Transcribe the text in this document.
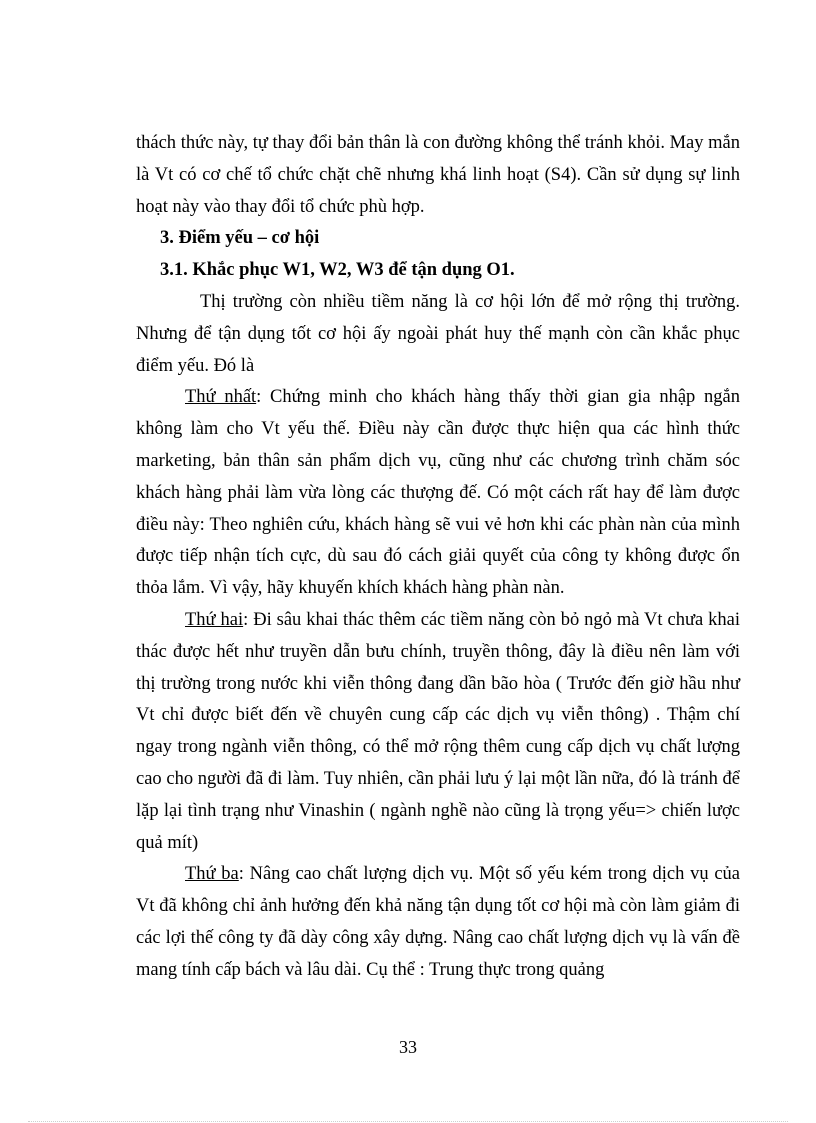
thách thức này, tự thay đổi bản thân là con đường không thể tránh khỏi. May mắn là Vt có cơ chế tổ chức chặt chẽ nhưng khá linh hoạt (S4). Cần sử dụng sự linh hoạt này vào thay đổi tổ chức phù hợp.

3. Điểm yếu – cơ hội

3.1. Khắc phục W1, W2, W3 để tận dụng O1.

Thị trường còn nhiều tiềm năng là cơ hội lớn để mở rộng thị trường. Nhưng để tận dụng tốt cơ hội ấy ngoài phát huy thế mạnh còn cần khắc phục điểm yếu. Đó là

Thứ nhất: Chứng minh cho khách hàng thấy thời gian gia nhập ngắn không làm cho Vt yếu thế. Điều này cần được thực hiện qua các hình thức marketing, bản thân sản phẩm dịch vụ, cũng như các chương trình chăm sóc khách hàng phải làm vừa lòng các thượng đế. Có một cách rất hay để làm được điều này: Theo nghiên cứu, khách hàng sẽ vui vẻ hơn khi các phàn nàn của mình được tiếp nhận tích cực, dù sau đó cách giải quyết của công ty không được ổn thỏa lắm. Vì vậy, hãy khuyến khích khách hàng phàn nàn.

Thứ hai: Đi sâu khai thác thêm các tiềm năng còn bỏ ngỏ mà Vt chưa khai thác được hết như truyền dẫn bưu chính, truyền thông, đây là điều nên làm với thị trường trong nước khi viễn thông đang dần bão hòa ( Trước đến giờ hầu như Vt chỉ được biết đến về chuyên cung cấp các dịch vụ viễn thông) . Thậm chí ngay trong ngành viễn thông, có thể mở rộng thêm cung cấp dịch vụ chất lượng cao cho người đã đi làm. Tuy nhiên, cần phải lưu ý lại một lần nữa, đó là tránh để lặp lại tình trạng như Vinashin ( ngành nghề nào cũng là trọng yếu=> chiến lược quả mít)

Thứ ba: Nâng cao chất lượng dịch vụ. Một số yếu kém trong dịch vụ của Vt đã không chỉ ảnh hưởng đến khả năng tận dụng tốt cơ hội mà còn làm giảm đi các lợi thế công ty đã dày công xây dựng. Nâng cao chất lượng dịch vụ là vấn đề mang tính cấp bách và lâu dài. Cụ thể : Trung thực trong quảng

33
